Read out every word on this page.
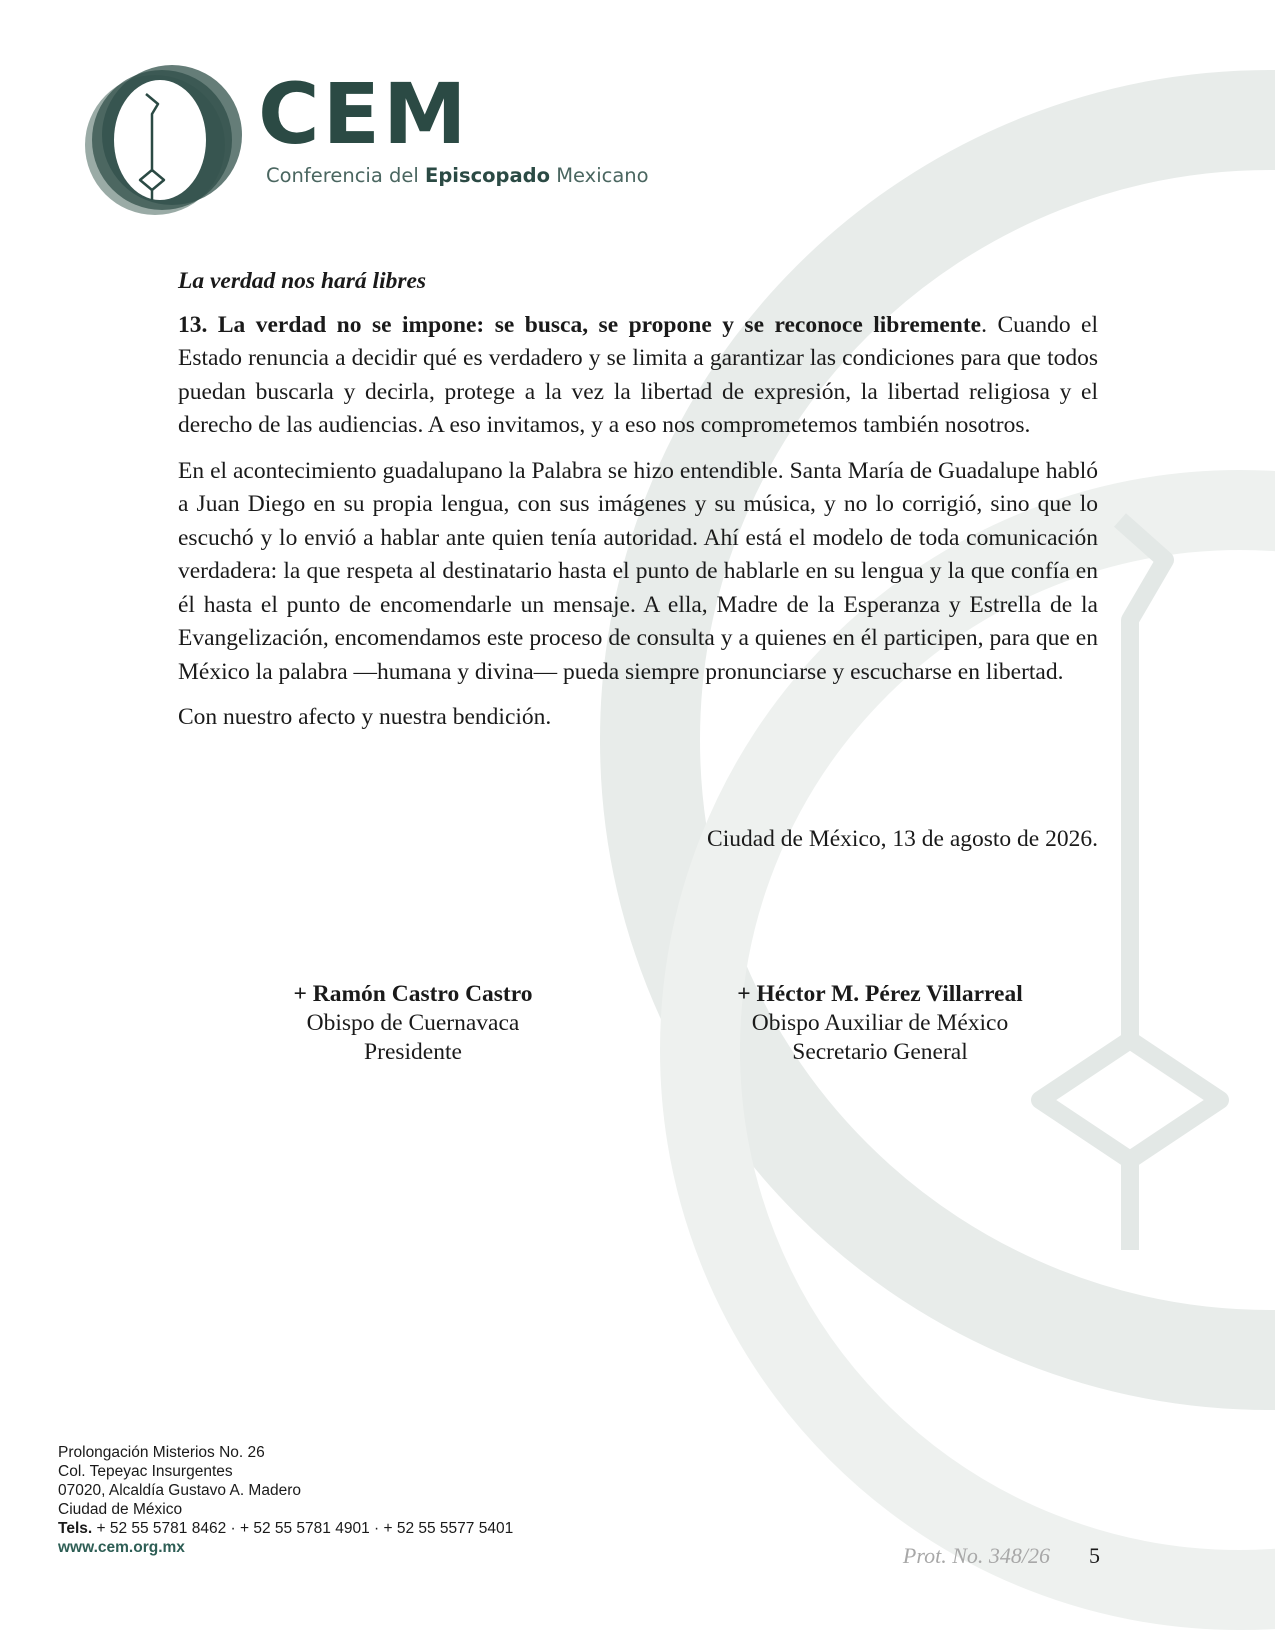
CEM
Conferencia del Episcopado Mexicano

La verdad nos hará libres

13. La verdad no se impone: se busca, se propone y se reconoce libremente. Cuando el Estado renuncia a decidir qué es verdadero y se limita a garantizar las condiciones para que todos puedan buscarla y decirla, protege a la vez la libertad de expresión, la libertad religiosa y el derecho de las audiencias. A eso invitamos, y a eso nos comprometemos también nosotros.

En el acontecimiento guadalupano la Palabra se hizo entendible. Santa María de Guadalupe habló a Juan Diego en su propia lengua, con sus imágenes y su música, y no lo corrigió, sino que lo escuchó y lo envió a hablar ante quien tenía autoridad. Ahí está el modelo de toda comunicación verdadera: la que respeta al destinatario hasta el punto de hablarle en su lengua y la que confía en él hasta el punto de encomendarle un mensaje. A ella, Madre de la Esperanza y Estrella de la Evangelización, encomendamos este proceso de consulta y a quienes en él participen, para que en México la palabra —humana y divina— pueda siempre pronunciarse y escucharse en libertad.

Con nuestro afecto y nuestra bendición.

Ciudad de México, 13 de agosto de 2026.
+ Ramón Castro Castro
Obispo de Cuernavaca
Presidente
+ Héctor M. Pérez Villarreal
Obispo Auxiliar de México
Secretario General
Prolongación Misterios No. 26
Col. Tepeyac Insurgentes
07020, Alcaldía Gustavo A. Madero
Ciudad de México
Tels. + 52 55 5781 8462 · + 52 55 5781 4901 · + 52 55 5577 5401
www.cem.org.mx	Prot. No. 348/26 5
